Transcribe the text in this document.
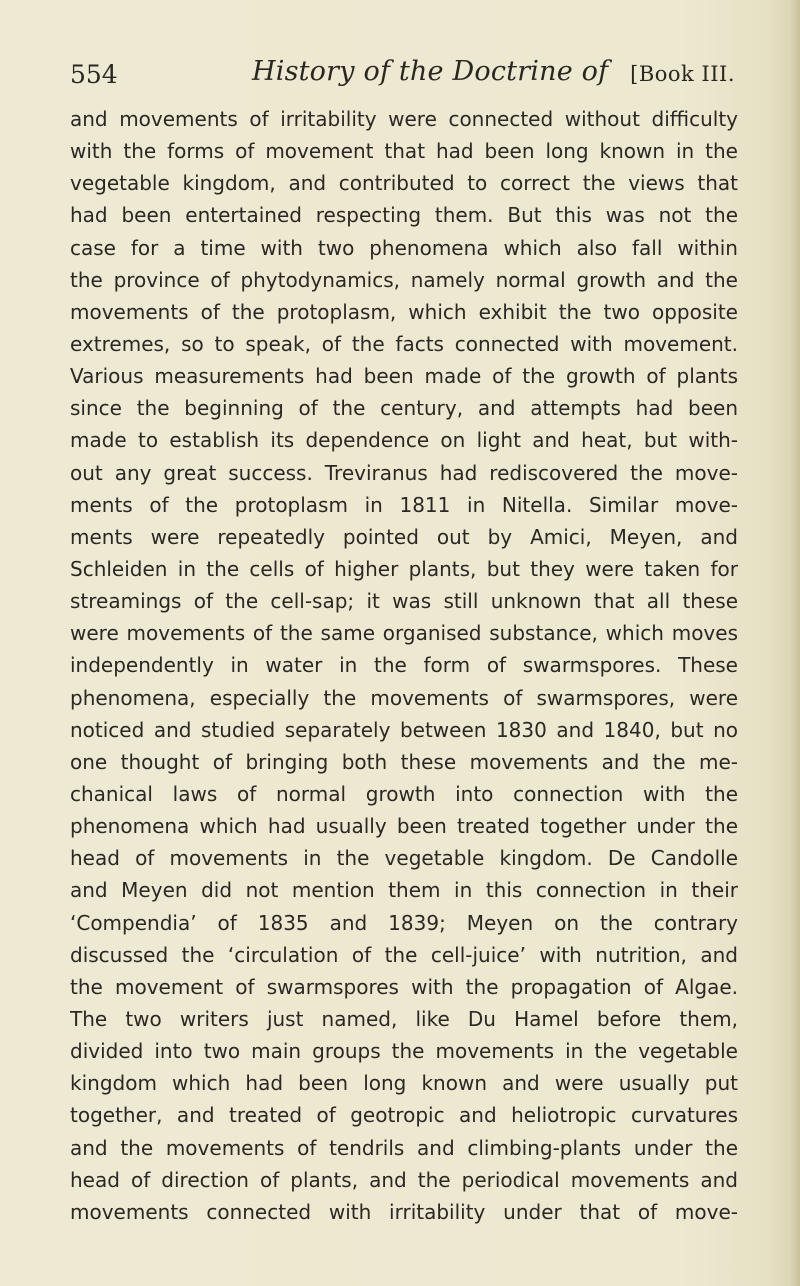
554	History of the Doctrine of [Book III.
and movements of irritability were connected without difficulty
with the forms of movement that had been long known in the
vegetable kingdom, and contributed to correct the views that
had been entertained respecting them. But this was not the
case for a time with two phenomena which also fall within
the province of phytodynamics, namely normal growth and the
movements of the protoplasm, which exhibit the two opposite
extremes, so to speak, of the facts connected with movement.
Various measurements had been made of the growth of plants
since the beginning of the century, and attempts had been
made to establish its dependence on light and heat, but with-
out any great success. Treviranus had rediscovered the move-
ments of the protoplasm in 1811 in Nitella. Similar move-
ments were repeatedly pointed out by Amici, Meyen, and
Schleiden in the cells of higher plants, but they were taken for
streamings of the cell-sap; it was still unknown that all these
were movements of the same organised substance, which moves
independently in water in the form of swarmspores. These
phenomena, especially the movements of swarmspores, were
noticed and studied separately between 1830 and 1840, but no
one thought of bringing both these movements and the me-
chanical laws of normal growth into connection with the
phenomena which had usually been treated together under the
head of movements in the vegetable kingdom. De Candolle
and Meyen did not mention them in this connection in their
‘Compendia’ of 1835 and 1839; Meyen on the contrary
discussed the ‘circulation of the cell-juice’ with nutrition, and
the movement of swarmspores with the propagation of Algae.
The two writers just named, like Du Hamel before them,
divided into two main groups the movements in the vegetable
kingdom which had been long known and were usually put
together, and treated of geotropic and heliotropic curvatures
and the movements of tendrils and climbing-plants under the
head of direction of plants, and the periodical movements and
movements connected with irritability under that of move-
